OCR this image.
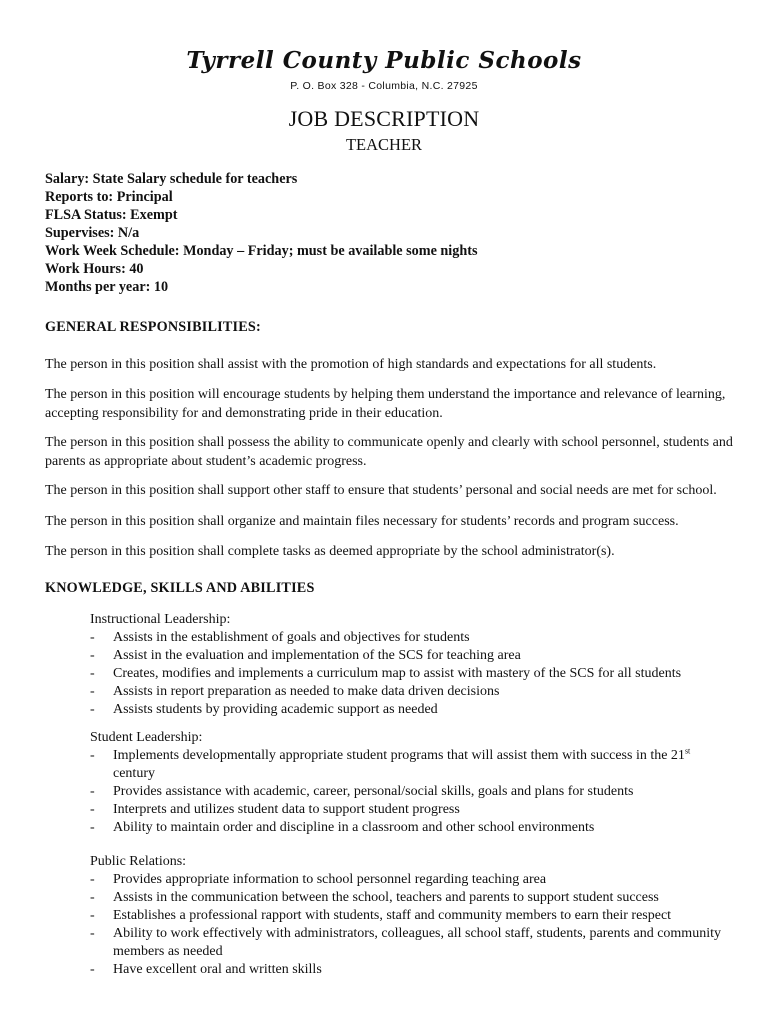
Tyrrell County Public Schools
P. O. Box 328 - Columbia, N.C. 27925
JOB DESCRIPTION
TEACHER
Salary: State Salary schedule for teachers
Reports to: Principal
FLSA Status: Exempt
Supervises: N/a
Work Week Schedule: Monday – Friday; must be available some nights
Work Hours: 40
Months per year: 10
GENERAL RESPONSIBILITIES:
The person in this position shall assist with the promotion of high standards and expectations for all students.
The person in this position will encourage students by helping them understand the importance and relevance of learning, accepting responsibility for and demonstrating pride in their education.
The person in this position shall possess the ability to communicate openly and clearly with school personnel, students and parents as appropriate about student’s academic progress.
The person in this position shall support other staff to ensure that students’ personal and social needs are met for school.
The person in this position shall organize and maintain files necessary for students’ records and program success.
The person in this position shall complete tasks as deemed appropriate by the school administrator(s).
KNOWLEDGE, SKILLS AND ABILITIES
Instructional Leadership:
- Assists in the establishment of goals and objectives for students
- Assist in the evaluation and implementation of the SCS for teaching area
- Creates, modifies and implements a curriculum map to assist with mastery of the SCS for all students
- Assists in report preparation as needed to make data driven decisions
- Assists students by providing academic support as needed
Student Leadership:
- Implements developmentally appropriate student programs that will assist them with success in the 21st
century
- Provides assistance with academic, career, personal/social skills, goals and plans for students
- Interprets and utilizes student data to support student progress
- Ability to maintain order and discipline in a classroom and other school environments
Public Relations:
- Provides appropriate information to school personnel regarding teaching area
- Assists in the communication between the school, teachers and parents to support student success
- Establishes a professional rapport with students, staff and community members to earn their respect
- Ability to work effectively with administrators, colleagues, all school staff, students, parents and community members as needed
- Have excellent oral and written skills
